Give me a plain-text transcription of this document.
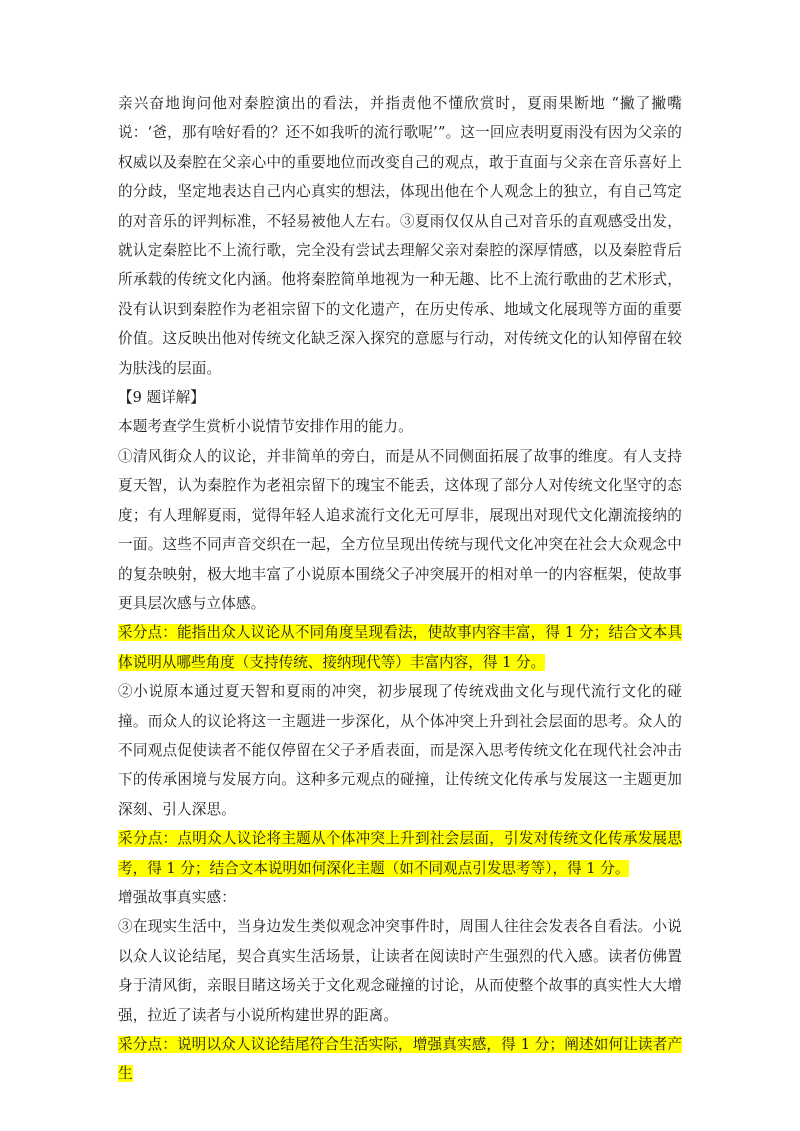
亲兴奋地询问他对秦腔演出的看法，并指责他不懂欣赏时，夏雨果断地 “撇了撇嘴说：‘爸，那有啥好看的？还不如我听的流行歌呢’”。这一回应表明夏雨没有因为父亲的权威以及秦腔在父亲心中的重要地位而改变自己的观点，敢于直面与父亲在音乐喜好上的分歧，坚定地表达自己内心真实的想法，体现出他在个人观念上的独立，有自己笃定的对音乐的评判标准，不轻易被他人左右。③夏雨仅仅从自己对音乐的直观感受出发，就认定秦腔比不上流行歌，完全没有尝试去理解父亲对秦腔的深厚情感，以及秦腔背后所承载的传统文化内涵。他将秦腔简单地视为一种无趣、比不上流行歌曲的艺术形式，没有认识到秦腔作为老祖宗留下的文化遗产，在历史传承、地域文化展现等方面的重要价值。这反映出他对传统文化缺乏深入探究的意愿与行动，对传统文化的认知停留在较为肤浅的层面。

【9 题详解】

本题考查学生赏析小说情节安排作用的能力。

①清风街众人的议论，并非简单的旁白，而是从不同侧面拓展了故事的维度。有人支持夏天智，认为秦腔作为老祖宗留下的瑰宝不能丢，这体现了部分人对传统文化坚守的态度；有人理解夏雨，觉得年轻人追求流行文化无可厚非，展现出对现代文化潮流接纳的一面。这些不同声音交织在一起，全方位呈现出传统与现代文化冲突在社会大众观念中的复杂映射，极大地丰富了小说原本围绕父子冲突展开的相对单一的内容框架，使故事更具层次感与立体感。

采分点：能指出众人议论从不同角度呈现看法，使故事内容丰富，得 1 分；结合文本具体说明从哪些角度（支持传统、接纳现代等）丰富内容，得 1 分。

②小说原本通过夏天智和夏雨的冲突，初步展现了传统戏曲文化与现代流行文化的碰撞。而众人的议论将这一主题进一步深化，从个体冲突上升到社会层面的思考。众人的不同观点促使读者不能仅停留在父子矛盾表面，而是深入思考传统文化在现代社会冲击下的传承困境与发展方向。这种多元观点的碰撞，让传统文化传承与发展这一主题更加深刻、引人深思。

采分点：点明众人议论将主题从个体冲突上升到社会层面，引发对传统文化传承发展思考，得 1 分；结合文本说明如何深化主题（如不同观点引发思考等），得 1 分。

增强故事真实感：

③在现实生活中，当身边发生类似观念冲突事件时，周围人往往会发表各自看法。小说以众人议论结尾，契合真实生活场景，让读者在阅读时产生强烈的代入感。读者仿佛置身于清风街，亲眼目睹这场关于文化观念碰撞的讨论，从而使整个故事的真实性大大增强，拉近了读者与小说所构建世界的距离。

采分点：说明以众人议论结尾符合生活实际，增强真实感，得 1 分；阐述如何让读者产生
